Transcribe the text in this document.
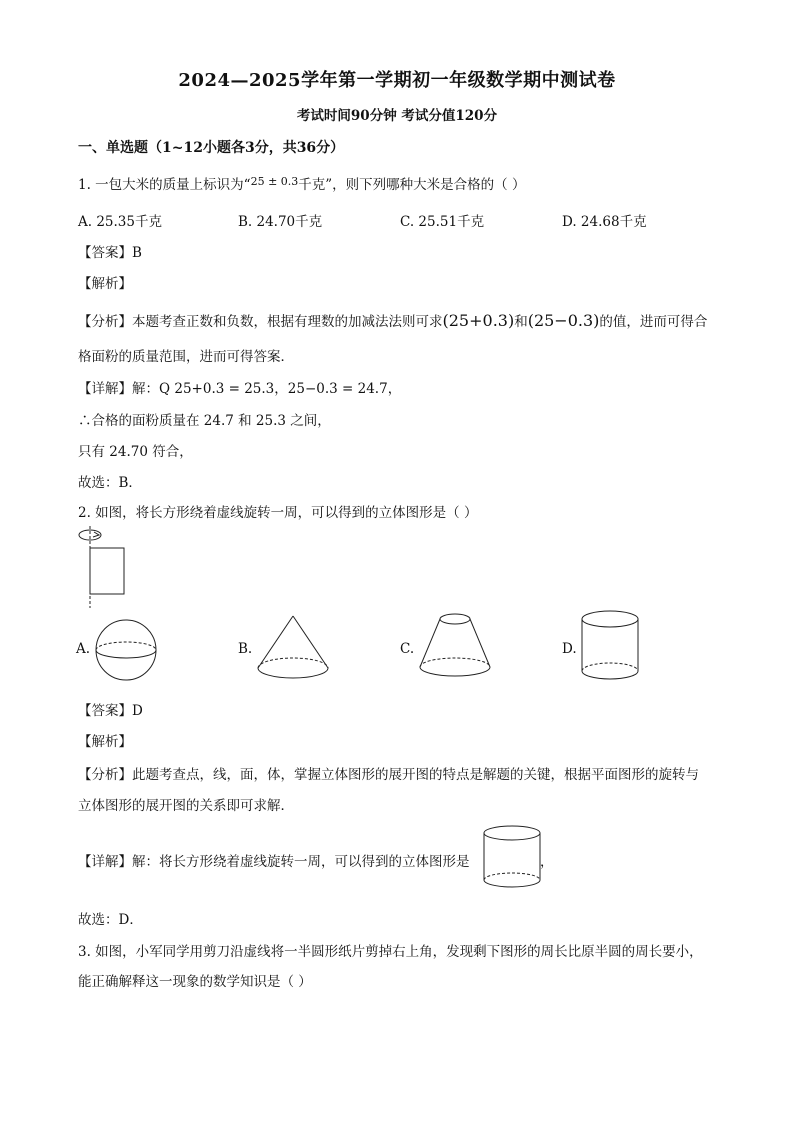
2024—2025学年第一学期初一年级数学期中测试卷
考试时间90分钟 考试分值120分
一、单选题（1~12小题各3分，共36分）
1. 一包大米的质量上标识为“$^{25 \pm 0.3}$千克”，则下列哪种大米是合格的（ ）
A. 25.35千克	B. 24.70千克	C. 25.51千克	D. 24.68千克
【答案】B
【解析】
【分析】本题考查正数和负数，根据有理数的加减法法则可求(25+0.3)和(25−0.3)的值，进而可得合
格面粉的质量范围，进而可得答案．
【详解】解：Q 25+0.3 = 25.3，25−0.3 = 24.7，
∴合格的面粉质量在 24.7 和 25.3 之间，
只有 24.70 符合，
故选：B．
2. 如图，将长方形绕着虚线旋转一周，可以得到的立体图形是（ ）
A.	B.	C.	D.
【答案】D
【解析】
【分析】此题考查点，线，面，体，掌握立体图形的展开图的特点是解题的关键，根据平面图形的旋转与
立体图形的展开图的关系即可求解．
【详解】解：将长方形绕着虚线旋转一周，可以得到的立体图形是	，
故选：D．
3. 如图，小军同学用剪刀沿虚线将一半圆形纸片剪掉右上角，发现剩下图形的周长比原半圆的周长要小，
能正确解释这一现象的数学知识是（ ）
